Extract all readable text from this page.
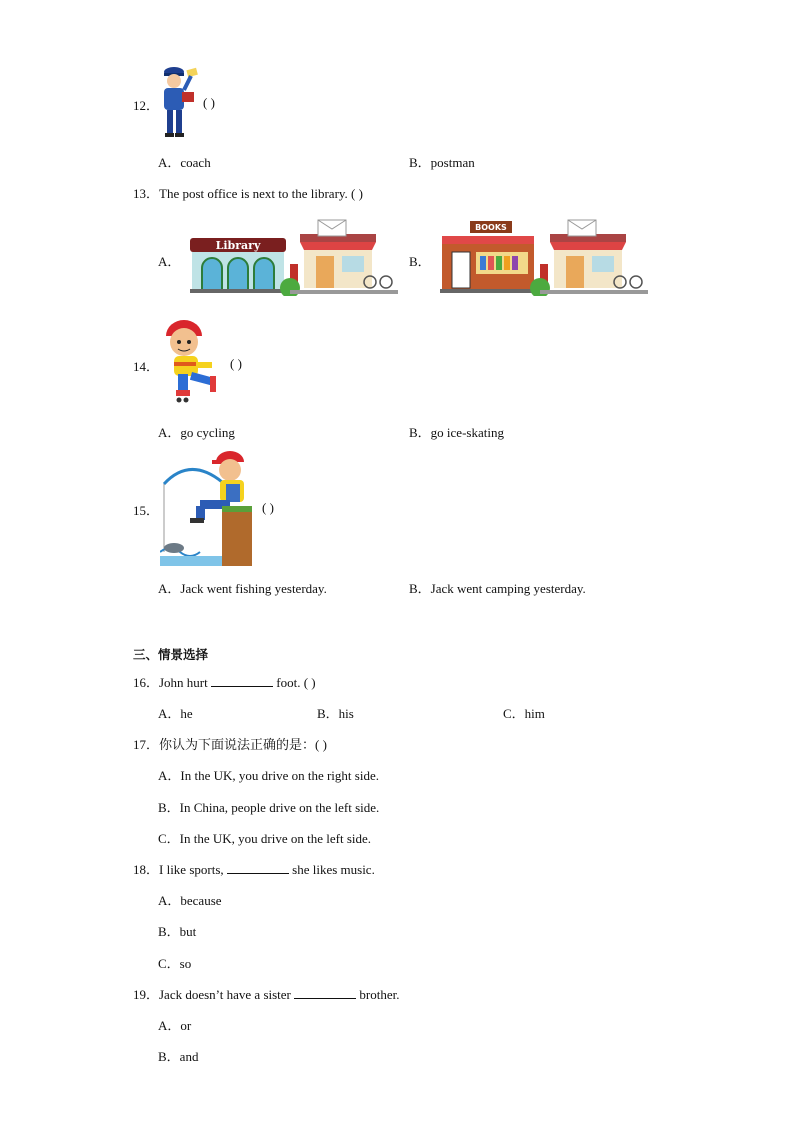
12．	( )
A．coach	B．postman
13．The post office is next to the library. ( )
A．
Library
B．
BOOKS
14．	( )
A．go cycling	B．go ice-skating
15．	( )
A．Jack went fishing yesterday.	B．Jack went camping yesterday.
三、情景选择
16．John hurt	foot. ( )
A．he	B．his	C．him
17．你认为下面说法正确的是：( )
A．In the UK, you drive on the right side.
B．In China, people drive on the left side.
C．In the UK, you drive on the left side.
18．I like sports,	she likes music.
A．because
B．but
C．so
19．Jack doesn’t have a sister	brother.
A．or
B．and
